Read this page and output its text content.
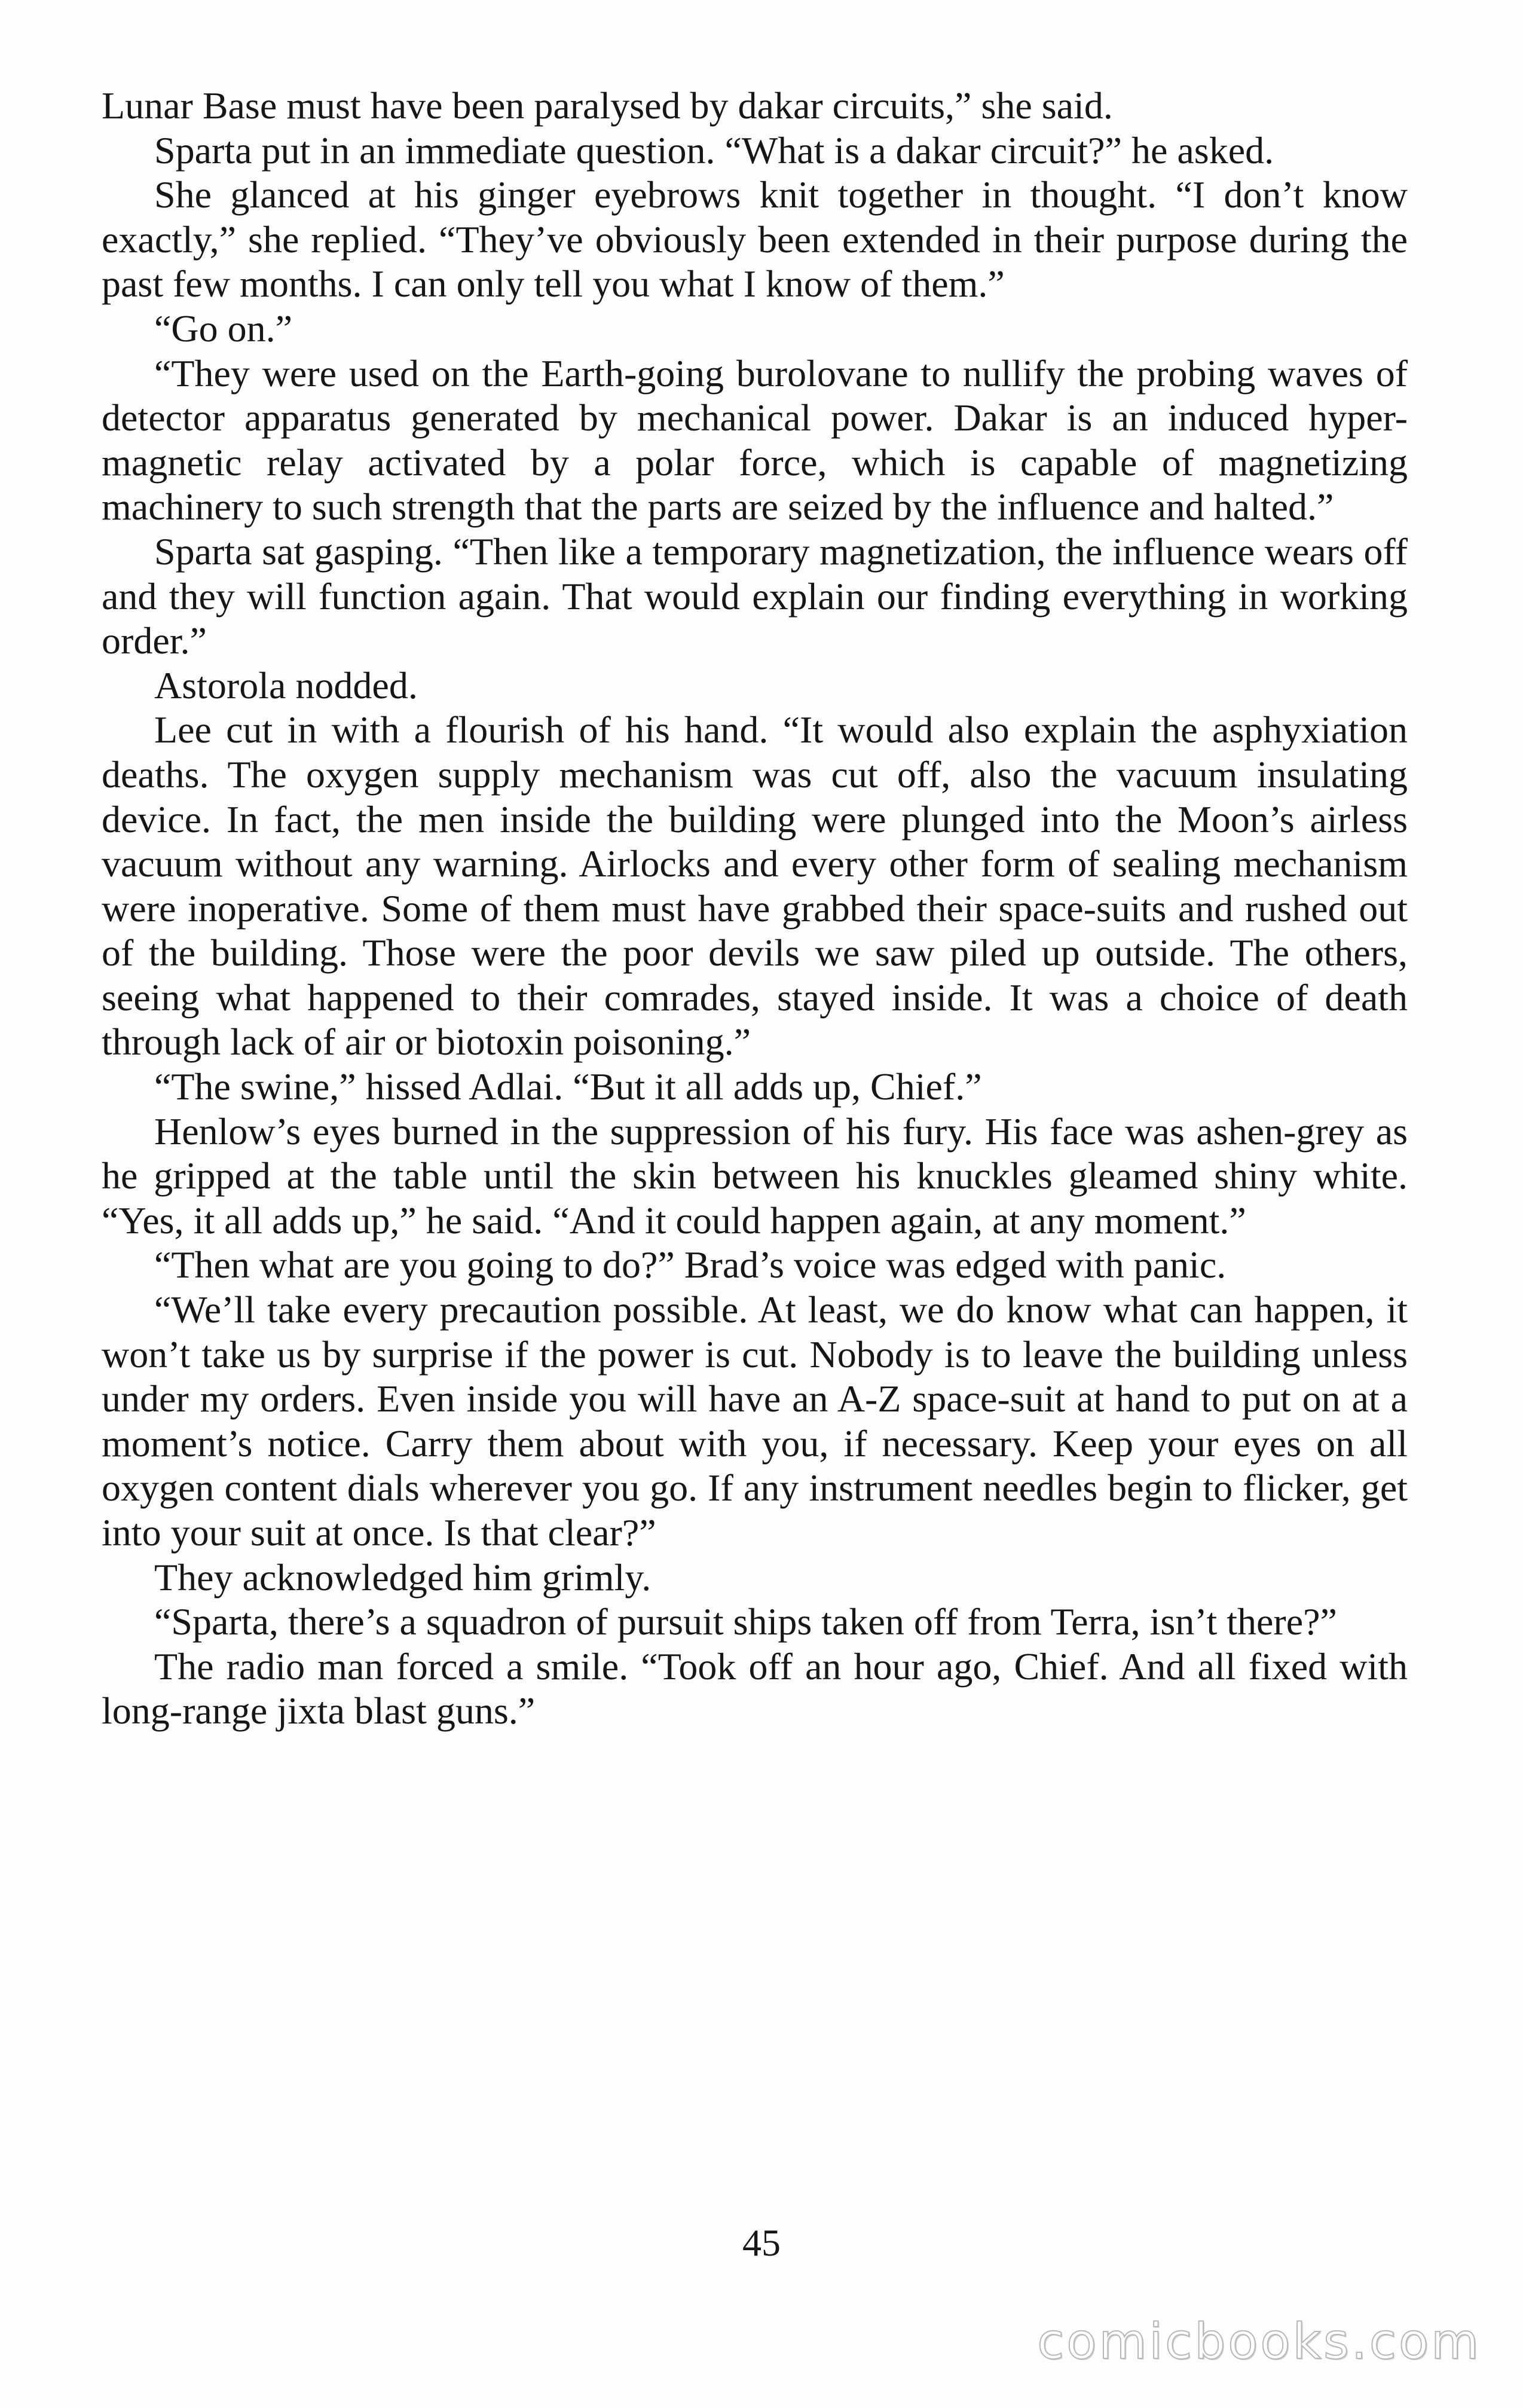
Lunar Base must have been paralysed by dakar circuits,” she said.

Sparta put in an immediate question. “What is a dakar circuit?” he asked.

She glanced at his ginger eyebrows knit together in thought. “I don’t know exactly,” she replied. “They’ve obviously been extended in their purpose during the past few months. I can only tell you what I know of them.”

“Go on.”

“They were used on the Earth-going burolovane to nullify the probing waves of detector apparatus generated by mechanical power. Dakar is an induced hyper-magnetic relay activated by a polar force, which is capable of magnetizing machinery to such strength that the parts are seized by the influence and halted.”

Sparta sat gasping. “Then like a temporary magnetization, the influence wears off and they will function again. That would explain our finding everything in working order.”

Astorola nodded.

Lee cut in with a flourish of his hand. “It would also explain the asphyxiation deaths. The oxygen supply mechanism was cut off, also the vacuum insulating device. In fact, the men inside the building were plunged into the Moon’s airless vacuum without any warning. Airlocks and every other form of sealing mechanism were inoperative. Some of them must have grabbed their space-suits and rushed out of the building. Those were the poor devils we saw piled up outside. The others, seeing what happened to their comrades, stayed inside. It was a choice of death through lack of air or biotoxin poisoning.”

“The swine,” hissed Adlai. “But it all adds up, Chief.”

Henlow’s eyes burned in the suppression of his fury. His face was ashen-grey as he gripped at the table until the skin between his knuckles gleamed shiny white. “Yes, it all adds up,” he said. “And it could happen again, at any moment.”

“Then what are you going to do?” Brad’s voice was edged with panic.

“We’ll take every precaution possible. At least, we do know what can happen, it won’t take us by surprise if the power is cut. Nobody is to leave the building unless under my orders. Even inside you will have an A-Z space-suit at hand to put on at a moment’s notice. Carry them about with you, if necessary. Keep your eyes on all oxygen content dials wherever you go. If any instrument needles begin to flicker, get into your suit at once. Is that clear?”

They acknowledged him grimly.

“Sparta, there’s a squadron of pursuit ships taken off from Terra, isn’t there?”

The radio man forced a smile. “Took off an hour ago, Chief. And all fixed with long-range jixta blast guns.”

45
comicbooks.com
